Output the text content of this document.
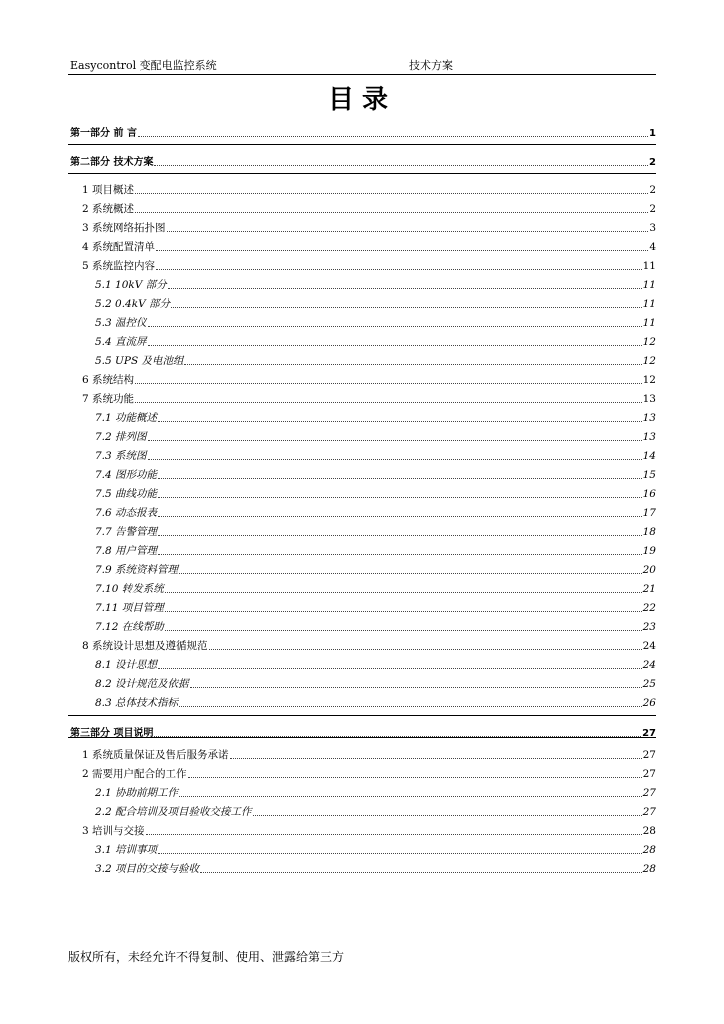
Easycontrol 变配电监控系统	技术方案
目录
第一部分 前 言	1
第二部分 技术方案	2
1 项目概述	2
2 系统概述	2
3 系统网络拓扑图	3
4 系统配置清单	4
5 系统监控内容	11
5.1 10kV 部分	11
5.2 0.4kV 部分	11
5.3 温控仪	11
5.4 直流屏	12
5.5 UPS 及电池组	12
6 系统结构	12
7 系统功能	13
7.1 功能概述	13
7.2 排列图	13
7.3 系统图	14
7.4 图形功能	15
7.5 曲线功能	16
7.6 动态报表	17
7.7 告警管理	18
7.8 用户管理	19
7.9 系统资料管理	20
7.10 转发系统	21
7.11 项目管理	22
7.12 在线帮助	23
8 系统设计思想及遵循规范	24
8.1 设计思想	24
8.2 设计规范及依据	25
8.3 总体技术指标	26
第三部分 项目说明	27
1 系统质量保证及售后服务承诺	27
2 需要用户配合的工作	27
2.1 协助前期工作	27
2.2 配合培训及项目验收交接工作	27
3 培训与交接	28
3.1 培训事项	28
3.2 项目的交接与验收	28
版权所有，未经允许不得复制、使用、泄露给第三方
